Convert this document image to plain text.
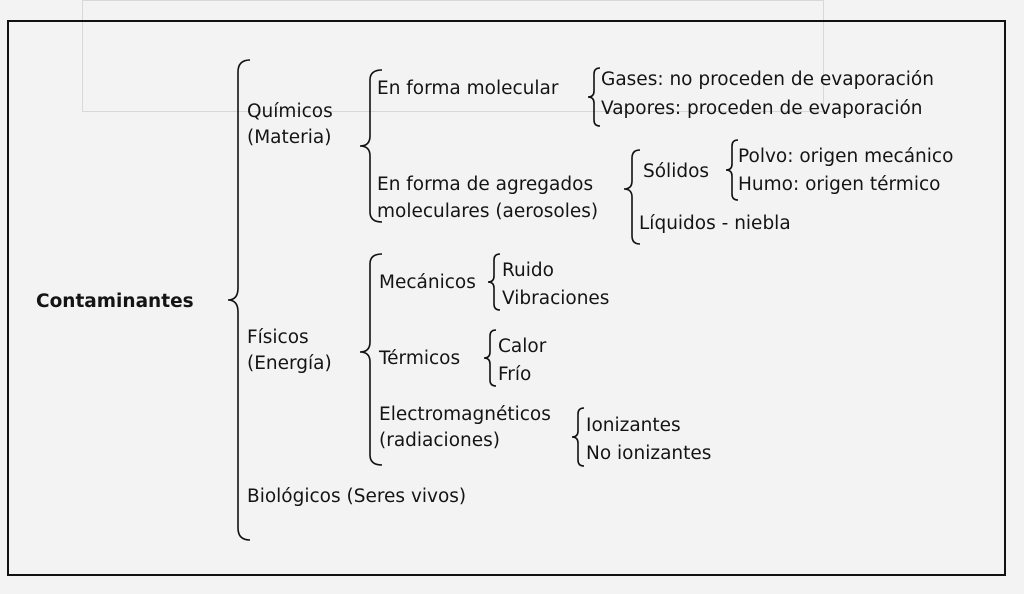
Contaminantes
Químicos
(Materia)
En forma molecular Gases: no proceden de evaporación
Vapores: proceden de evaporación
En forma de agregados
moleculares (aerosoles)
Sólidos
Polvo: origen mecánico
Humo: origen térmico
Líquidos - niebla
Físicos
(Energía)
Mecánicos
Ruido
Vibraciones
Térmicos
Calor
Frío
Electromagnéticos
(radiaciones)
Ionizantes
No ionizantes
Biológicos (Seres vivos)
